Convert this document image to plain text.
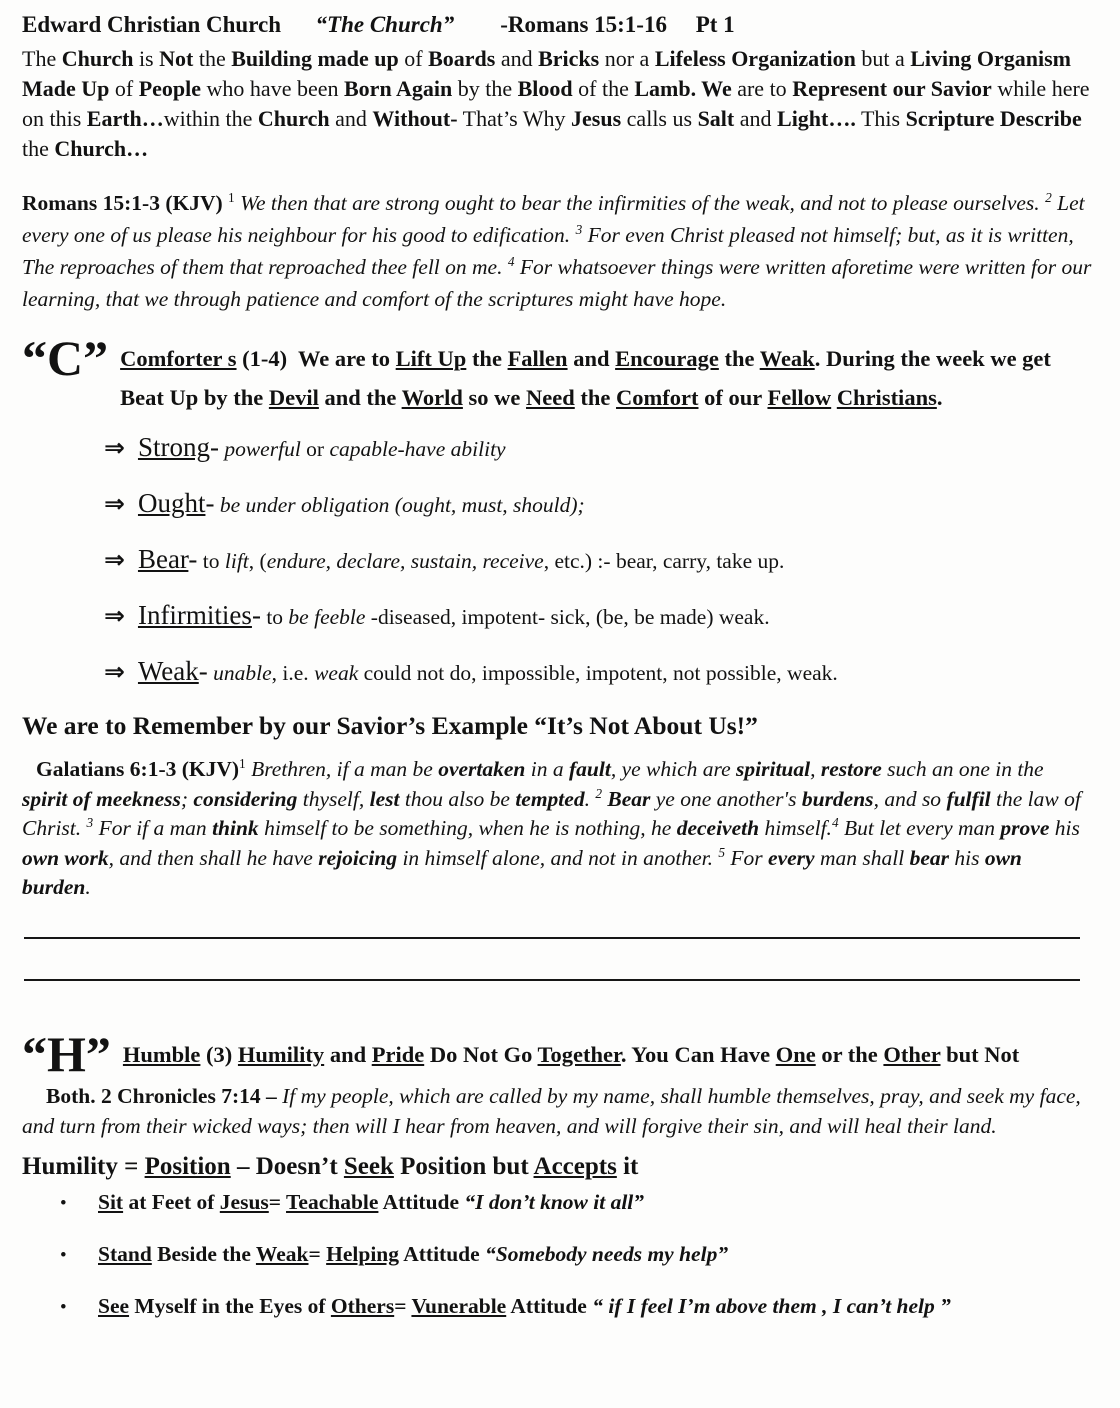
Edward Christian Church “The Church” -Romans 15:1-16 Pt 1

The Church is Not the Building made up of Boards and Bricks nor a Lifeless Organization but a Living Organism Made Up of People who have been Born Again by the Blood of the Lamb. We are to Represent our Savior while here on this Earth…within the Church and Without- That’s Why Jesus calls us Salt and Light…. This Scripture Describe the Church…

Romans 15:1-3 (KJV) $^1$ We then that are strong ought to bear the infirmities of the weak, and not to please ourselves. $^2$ Let every one of us please his neighbour for his good to edification. $^3$ For even Christ pleased not himself; but, as it is written, The reproaches of them that reproached thee fell on me. $^4$ For whatsoever things were written aforetime were written for our learning, that we through patience and comfort of the scriptures might have hope.

“C” Comforter s (1-4)  We are to Lift Up the Fallen and Encourage the Weak. During the week we get Beat Up by the Devil and the World so we Need the Comfort of our Fellow Christians.

⇒ Strong- powerful or capable-have ability

⇒ Ought- be under obligation (ought, must, should);

⇒ Bear- to lift, (endure, declare, sustain, receive, etc.) :- bear, carry, take up.

⇒ Infirmities- to be feeble -diseased, impotent- sick, (be, be made) weak.

⇒ Weak- unable, i.e. weak could not do, impossible, impotent, not possible, weak.

We are to Remember by our Savior’s Example “It’s Not About Us!”

Galatians 6:1-3 (KJV)$^1$ Brethren, if a man be overtaken in a fault, ye which are spiritual, restore such an one in the spirit of meekness; considering thyself, lest thou also be tempted. $^2$ Bear ye one another's burdens, and so fulfil the law of Christ. $^3$ For if a man think himself to be something, when he is nothing, he deceiveth himself.$^4$ But let every man prove his own work, and then shall he have rejoicing in himself alone, and not in another. $^5$ For every man shall bear his own burden.

“H” Humble (3) Humility and Pride Do Not Go Together. You Can Have One or the Other but Not

Both. 2 Chronicles 7:14 – If my people, which are called by my name, shall humble themselves, pray, and seek my face, and turn from their wicked ways; then will I hear from heaven, and will forgive their sin, and will heal their land.

Humility = Position – Doesn’t Seek Position but Accepts it
• Sit at Feet of Jesus= Teachable Attitude “I don’t know it all”
• Stand Beside the Weak= Helping Attitude “Somebody needs my help”
• See Myself in the Eyes of Others= Vunerable Attitude “ if I feel I’m above them , I can’t help ”
